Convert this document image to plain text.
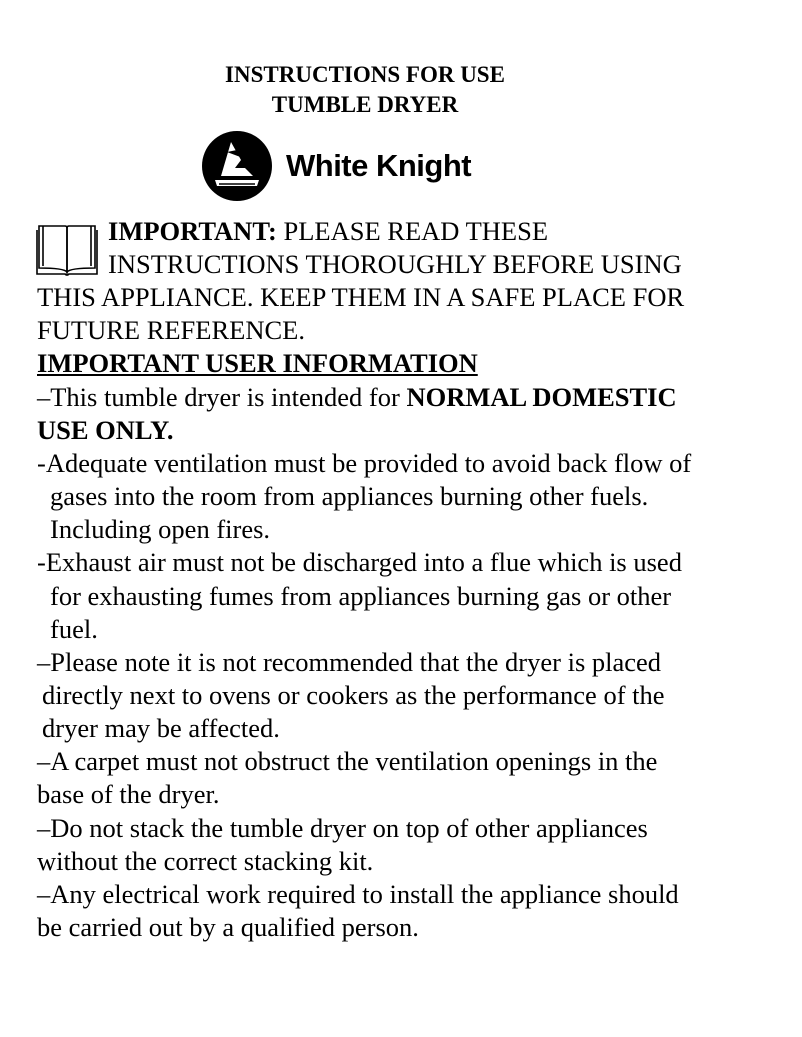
INSTRUCTIONS FOR USE
TUMBLE DRYER
White Knight
IMPORTANT: PLEASE READ THESE
INSTRUCTIONS THOROUGHLY BEFORE USING
THIS APPLIANCE. KEEP THEM IN A SAFE PLACE FOR
FUTURE REFERENCE.
IMPORTANT USER INFORMATION
–This tumble dryer is intended for NORMAL DOMESTIC
USE ONLY.
-Adequate ventilation must be provided to avoid back flow of
gases into the room from appliances burning other fuels.
Including open fires.
-Exhaust air must not be discharged into a flue which is used
for exhausting fumes from appliances burning gas or other
fuel.
–Please note it is not recommended that the dryer is placed
directly next to ovens or cookers as the performance of the
dryer may be affected.
–A carpet must not obstruct the ventilation openings in the
base of the dryer.
–Do not stack the tumble dryer on top of other appliances
without the correct stacking kit.
–Any electrical work required to install the appliance should
be carried out by a qualified person.
